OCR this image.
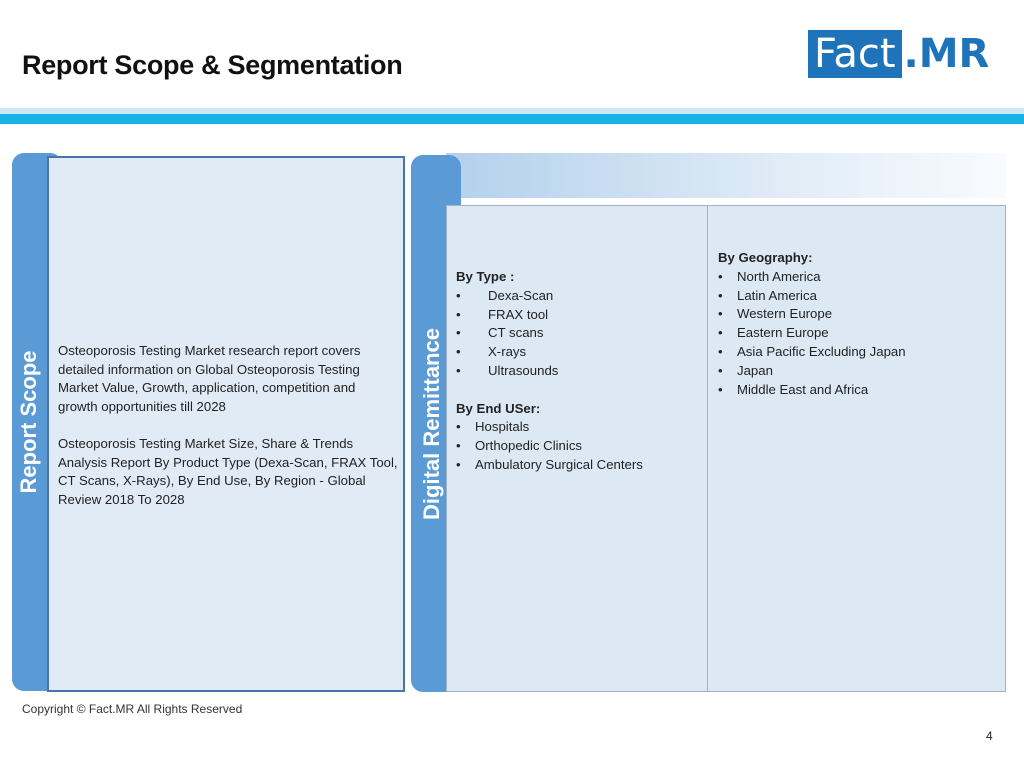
Report Scope & Segmentation	Fact .MR
Report Scope Osteoporosis Testing Market research report covers detailed information on Global Osteoporosis Testing Market Value, Growth, application, competition and growth opportunities till 2028

Osteoporosis Testing Market Size, Share & Trends Analysis Report By Product Type (Dexa-Scan, FRAX Tool, CT Scans, X-Rays), By End Use, By Region - Global Review 2018 To 2028	Digital Remittance

By Type :

• Dexa-Scan
• FRAX tool
• CT scans
• X-rays
• Ultrasounds

By End USer:

• Hospitals
• Orthopedic Clinics
• Ambulatory Surgical Centers

By Geography:

• North America
• Latin America
• Western Europe
• Eastern Europe
• Asia Pacific Excluding Japan
• Japan
• Middle East and Africa
Copyright © Fact.MR All Rights Reserved
4
